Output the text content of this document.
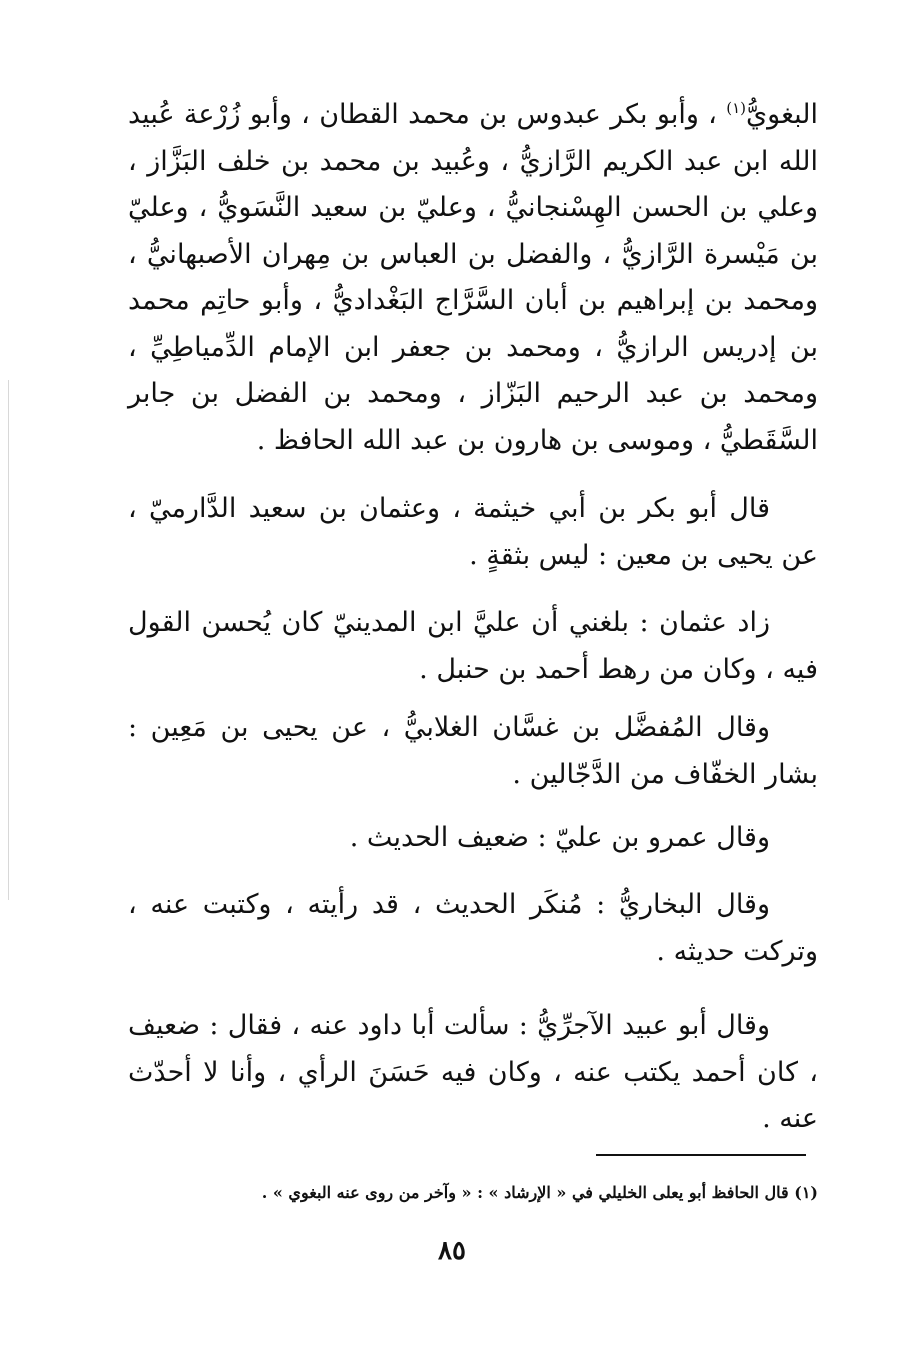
البغويُّ$^{(١)}$ ، وأبو بكر عبدوس بن محمد القطان ، وأبو زُرْعة عُبيد الله ابن عبد الكريم الرَّازيُّ ، وعُبيد بن محمد بن خلف البَزَّاز ، وعلي بن الحسن الهِسْنجانيُّ ، وعليّ بن سعيد النَّسَويُّ ، وعليّ بن مَيْسرة الرَّازيُّ ، والفضل بن العباس بن مِهران الأصبهانيُّ ، ومحمد بن إبراهيم بن أبان السَّرَّاج البَغْداديُّ ، وأبو حاتِم محمد بن إدريس الرازيُّ ، ومحمد بن جعفر ابن الإمام الدِّمياطِيِّ ، ومحمد بن عبد الرحيم البَزّاز ، ومحمد بن الفضل بن جابر السَّقَطيُّ ، وموسى بن هارون بن عبد الله الحافظ .
قال أبو بكر بن أبي خيثمة ، وعثمان بن سعيد الدَّارميّ ، عن يحيى بن معين : ليس بثقةٍ .
زاد عثمان : بلغني أن عليَّ ابن المدينيّ كان يُحسن القول فيه ، وكان من رهط أحمد بن حنبل .
وقال المُفضَّل بن غسَّان الغلابيُّ ، عن يحيى بن مَعِين : بشار الخفّاف من الدَّجّالين .
وقال عمرو بن عليّ : ضعيف الحديث .
وقال البخاريُّ : مُنكَر الحديث ، قد رأيته ، وكتبت عنه ، وتركت حديثه .
وقال أبو عبيد الآجرِّيُّ : سألت أبا داود عنه ، فقال : ضعيف ، كان أحمد يكتب عنه ، وكان فيه حَسَنَ الرأي ، وأنا لا أحدّث عنه .
(١) قال الحافظ أبو يعلى الخليلي في « الإرشاد » : « وآخر من روى عنه البغوي » .
٨٥
